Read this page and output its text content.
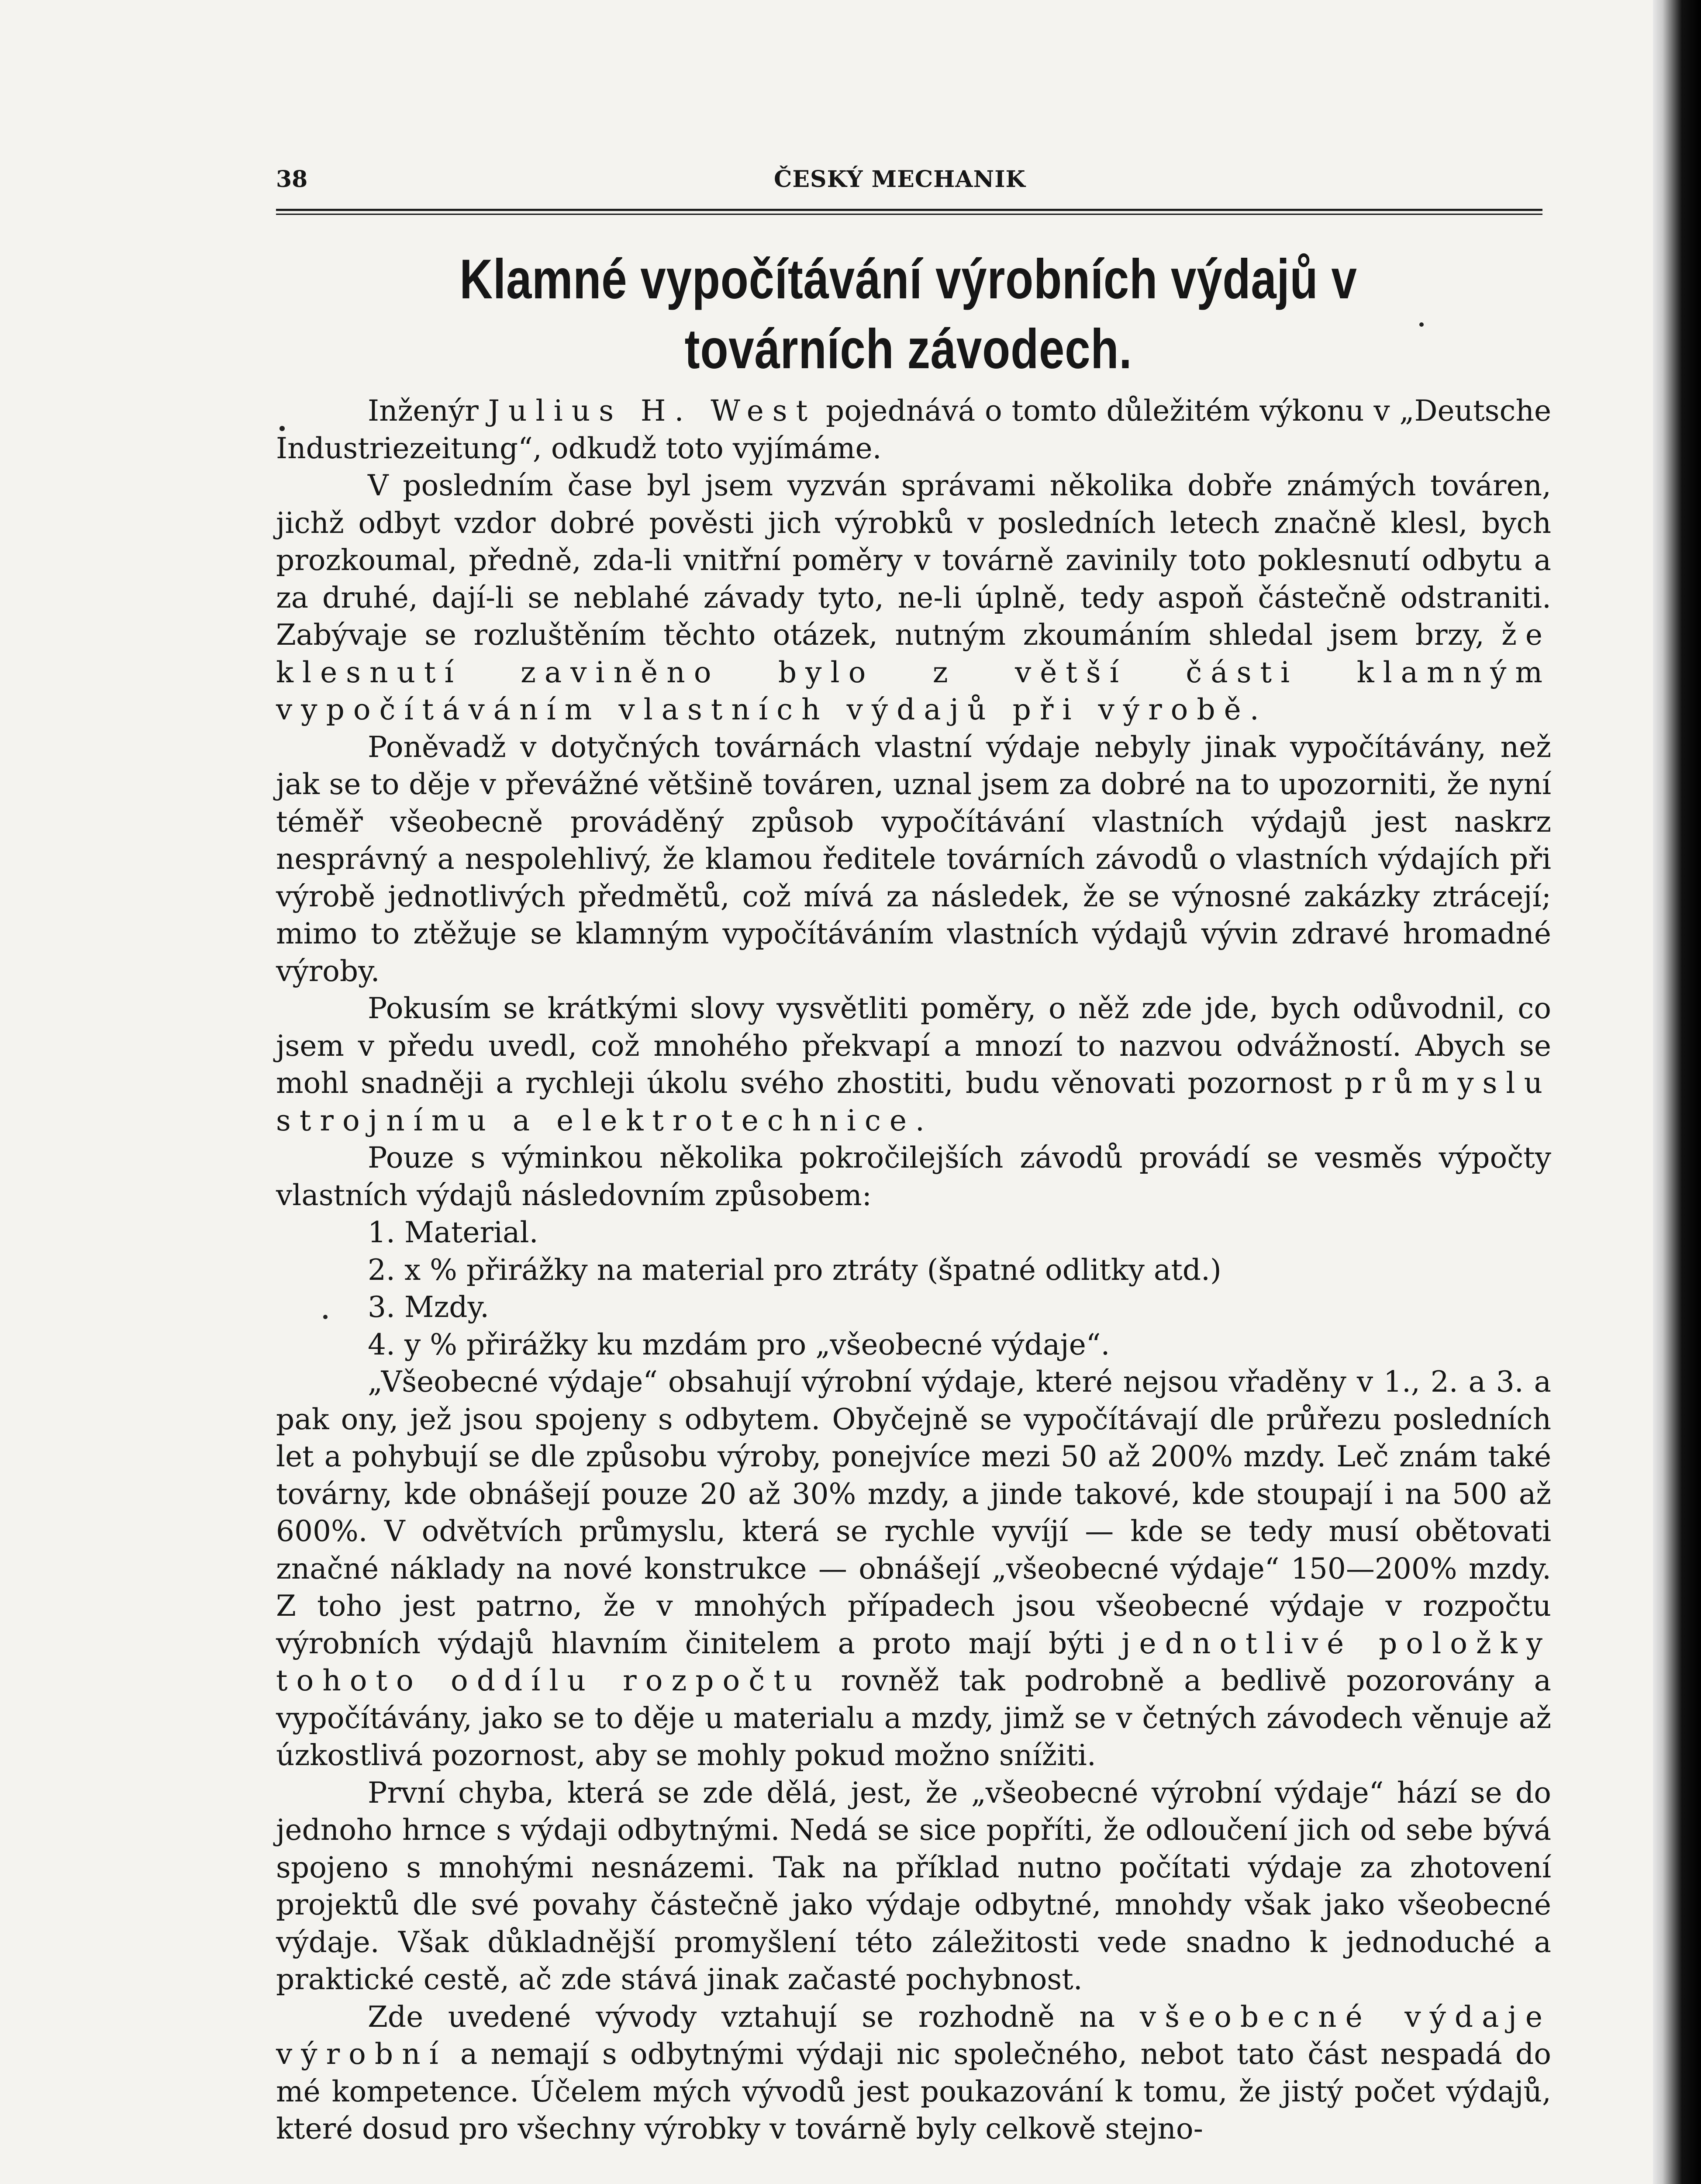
38	ČESKÝ MECHANIK
Klamné vypočítávání výrobních výdajů v továrních závodech.

Inženýr Julius H. West pojednává o tomto důležitém výkonu v „Deutsche Industriezeitung“, odkudž toto vyjímáme.

V posledním čase byl jsem vyzván správami několika dobře známých továren, jichž odbyt vzdor dobré pověsti jich výrobků v posledních letech značně klesl, bych prozkoumal, předně, zda-li vnitřní poměry v továrně zavinily toto poklesnutí odbytu a za druhé, dají-li se neblahé závady tyto, ne-li úplně, tedy aspoň částečně odstraniti. Zabývaje se rozluštěním těchto otázek, nutným zkoumáním shledal jsem brzy, že klesnutí zaviněno bylo z větší části klamným vypočítáváním vlastních výdajů při výrobě.

Poněvadž v dotyčných továrnách vlastní výdaje nebyly jinak vypočítávány, než jak se to děje v převážné většině továren, uznal jsem za dobré na to upozorniti, že nyní téměř všeobecně prováděný způsob vypočítávání vlastních výdajů jest naskrz nesprávný a nespolehlivý, že klamou ředitele továrních závodů o vlastních výdajích při výrobě jednotlivých předmětů, což mívá za následek, že se výnosné zakázky ztrácejí; mimo to ztěžuje se klamným vypočítáváním vlastních výdajů vývin zdravé hromadné výroby.

Pokusím se krátkými slovy vysvětliti poměry, o něž zde jde, bych odůvodnil, co jsem v předu uvedl, což mnohého překvapí a mnozí to nazvou odvážností. Abych se mohl snadněji a rychleji úkolu svého zhostiti, budu věnovati pozornost průmyslu strojnímu a elektrotechnice.

Pouze s výminkou několika pokročilejších závodů provádí se vesměs výpočty vlastních výdajů následovním způsobem:

1. Material.
2. x % přirážky na material pro ztráty (špatné odlitky atd.)
3. Mzdy.
4. y % přirážky ku mzdám pro „všeobecné výdaje“.

„Všeobecné výdaje“ obsahují výrobní výdaje, které nejsou vřaděny v 1., 2. a 3. a pak ony, jež jsou spojeny s odbytem. Obyčejně se vypočítávají dle průřezu posledních let a pohybují se dle způsobu výroby, ponejvíce mezi 50 až 200% mzdy. Leč znám také továrny, kde obnášejí pouze 20 až 30% mzdy, a jinde takové, kde stoupají i na 500 až 600%. V odvětvích průmyslu, která se rychle vyvíjí — kde se tedy musí obětovati značné náklady na nové konstrukce — obnášejí „všeobecné výdaje“ 150—200% mzdy. Z toho jest patrno, že v mnohých případech jsou všeobecné výdaje v rozpočtu výrobních výdajů hlavním činitelem a proto mají býti jednotlivé položky tohoto oddílu rozpočtu rovněž tak podrobně a bedlivě pozorovány a vypočítávány, jako se to děje u materialu a mzdy, jimž se v četných závodech věnuje až úzkostlivá pozornost, aby se mohly pokud možno snížiti.

První chyba, která se zde dělá, jest, že „všeobecné výrobní výdaje“ hází se do jednoho hrnce s výdaji odbytnými. Nedá se sice popříti, že odloučení jich od sebe bývá spojeno s mnohými nesnázemi. Tak na příklad nutno počítati výdaje za zhotovení projektů dle své povahy částečně jako výdaje odbytné, mnohdy však jako všeobecné výdaje. Však důkladnější promyšlení této záležitosti vede snadno k jednoduché a praktické cestě, ač zde stává jinak začasté pochybnost.

Zde uvedené vývody vztahují se rozhodně na všeobecné výdaje výrobní a nemají s odbytnými výdaji nic společného, nebot tato část nespadá do mé kompetence. Účelem mých vývodů jest poukazování k tomu, že jistý počet výdajů, které dosud pro všechny výrobky v továrně byly celkově stejno-
